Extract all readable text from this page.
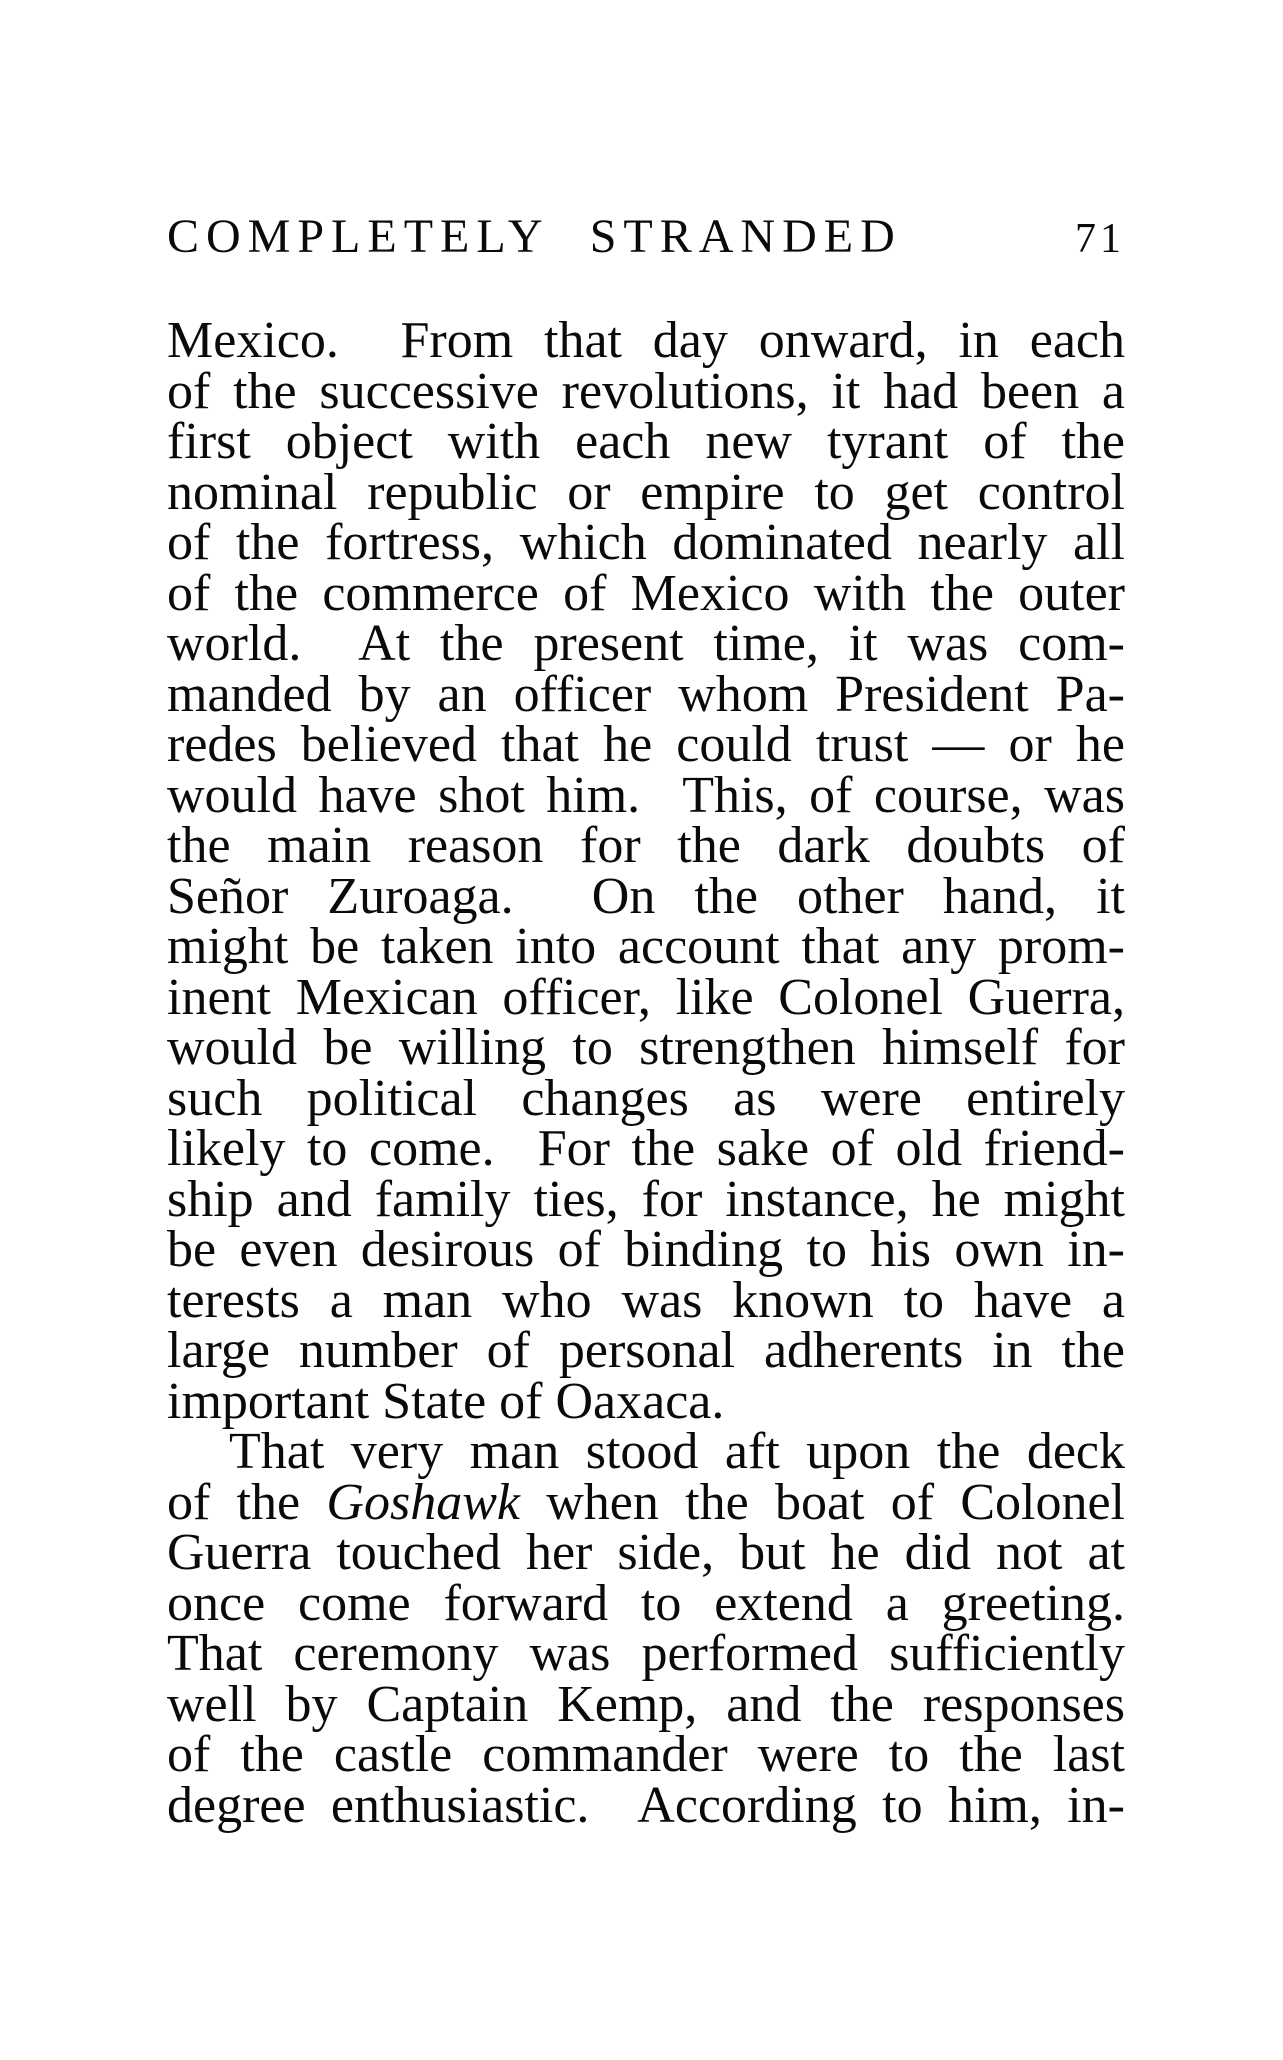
COMPLETELY STRANDED	71
Mexico.  From that day onward, in each
of the successive revolutions, it had been a
first object with each new tyrant of the
nominal republic or empire to get control
of the fortress, which dominated nearly all
of the commerce of Mexico with the outer
world.  At the present time, it was com-
manded by an officer whom President Pa-
redes believed that he could trust — or he
would have shot him.  This, of course, was
the main reason for the dark doubts of
Señor Zuroaga.  On the other hand, it
might be taken into account that any prom-
inent Mexican officer, like Colonel Guerra,
would be willing to strengthen himself for
such political changes as were entirely
likely to come.  For the sake of old friend-
ship and family ties, for instance, he might
be even desirous of binding to his own in-
terests a man who was known to have a
large number of personal adherents in the
important State of Oaxaca.
That very man stood aft upon the deck
of the Goshawk when the boat of Colonel
Guerra touched her side, but he did not at
once come forward to extend a greeting.
That ceremony was performed sufficiently
well by Captain Kemp, and the responses
of the castle commander were to the last
degree enthusiastic.  According to him, in-
